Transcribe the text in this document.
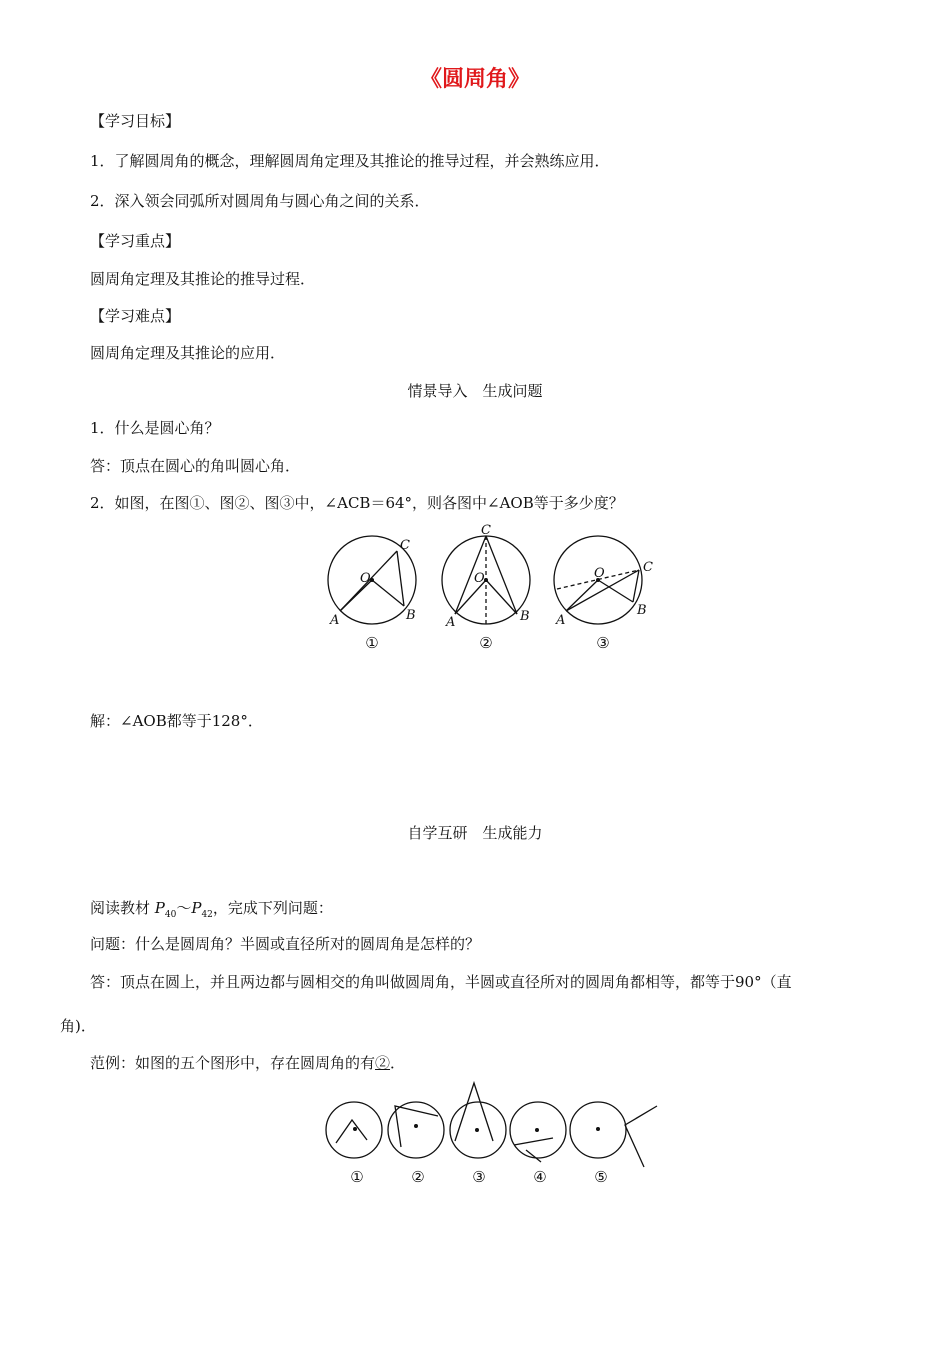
《圆周角》
【学习目标】
1．了解圆周角的概念，理解圆周角定理及其推论的推导过程，并会熟练应用．
2．深入领会同弧所对圆周角与圆心角之间的关系．
【学习重点】
圆周角定理及其推论的推导过程．
【学习难点】
圆周角定理及其推论的应用．
情景导入　生成问题
1．什么是圆心角？
答：顶点在圆心的角叫圆心角．
2．如图，在图①、图②、图③中，∠ACB＝64°，则各图中∠AOB等于多少度？
O
C
A	B
O
C
A	B
O	C
A
B
①	②	③
解：∠AOB都等于128°．
自学互研　生成能力
阅读教材 $P_{40}\sim P_{42}$，完成下列问题：
问题：什么是圆周角？半圆或直径所对的圆周角是怎样的？
答：顶点在圆上，并且两边都与圆相交的角叫做圆周角，半圆或直径所对的圆周角都相等，都等于90°（直
角)．
范例：如图的五个图形中，存在圆周角的有②．
①	②	③	④	⑤
